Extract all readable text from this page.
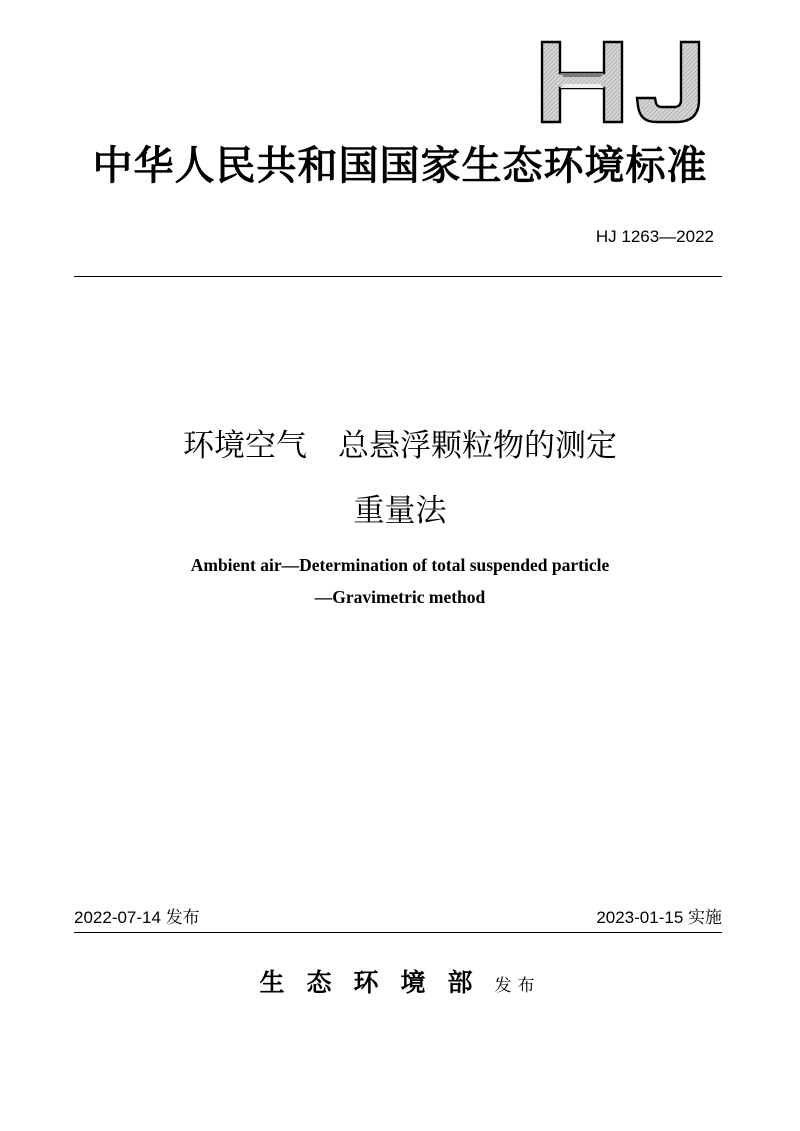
中华人民共和国国家生态环境标准
HJ 1263—2022
环境空气　总悬浮颗粒物的测定
重量法
Ambient air—Determination of total suspended particle
—Gravimetric method
2022-07-14 发布	2023-01-15 实施
生态环境部发布
